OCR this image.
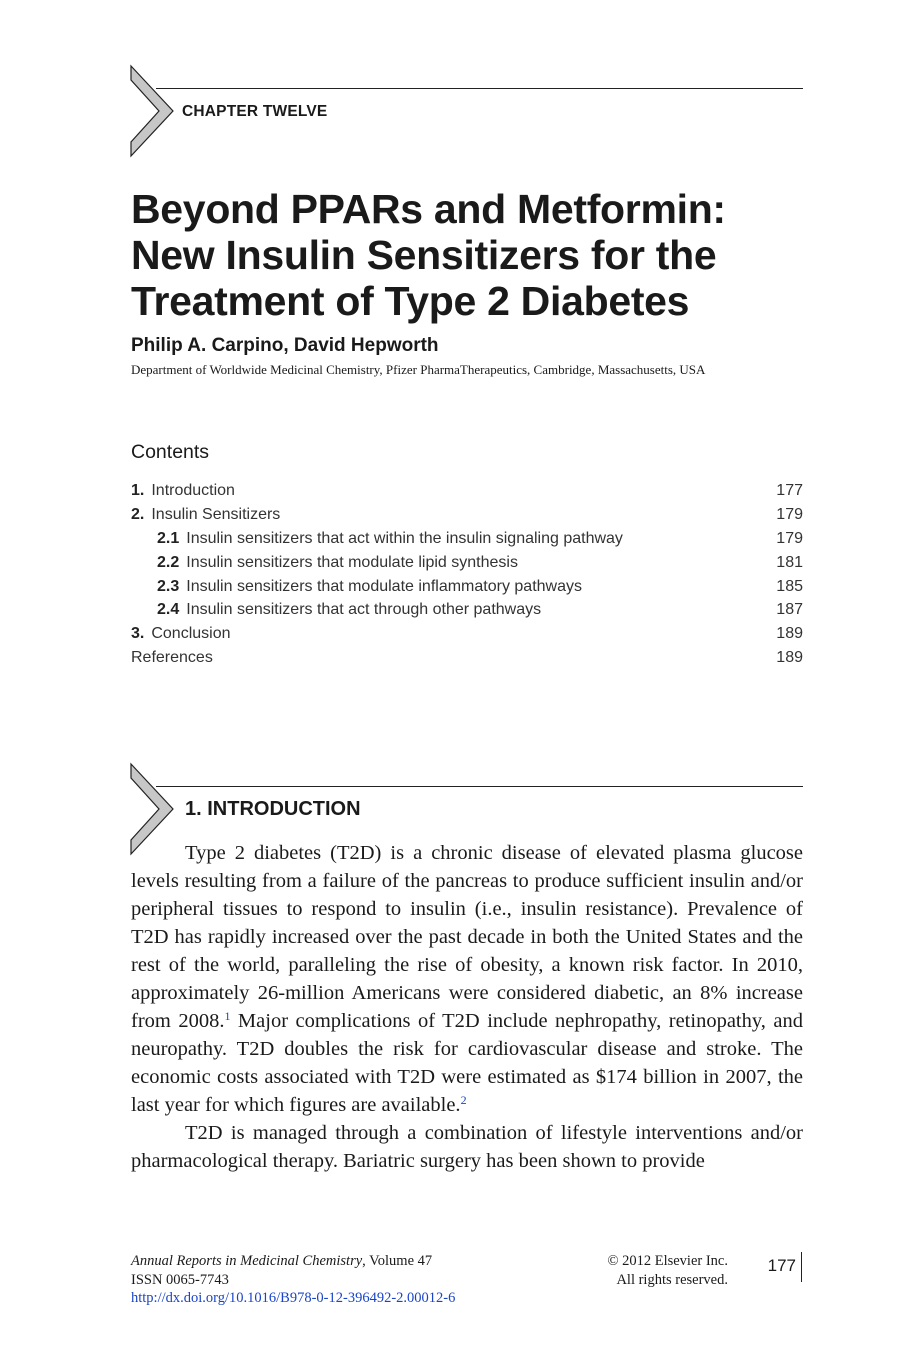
CHAPTER TWELVE
Beyond PPARs and Metformin:
New Insulin Sensitizers for the
Treatment of Type 2 Diabetes
Philip A. Carpino, David Hepworth
Department of Worldwide Medicinal Chemistry, Pfizer PharmaTherapeutics, Cambridge, Massachusetts, USA
Contents
1. Introduction	177
2. Insulin Sensitizers	179
2.1 Insulin sensitizers that act within the insulin signaling pathway	179
2.2 Insulin sensitizers that modulate lipid synthesis	181
2.3 Insulin sensitizers that modulate inflammatory pathways	185
2.4 Insulin sensitizers that act through other pathways	187
3. Conclusion	189
References	189
1. INTRODUCTION

Type 2 diabetes (T2D) is a chronic disease of elevated plasma glucose levels resulting from a failure of the pancreas to produce sufficient insulin and/or peripheral tissues to respond to insulin (i.e., insulin resistance). Prevalence of T2D has rapidly increased over the past decade in both the United States and the rest of the world, paralleling the rise of obesity, a known risk factor. In 2010, approximately 26-million Americans were considered diabetic, an 8% increase from 2008.$^1$ Major complications of T2D include nephropathy, retinopathy, and neuropathy. T2D doubles the risk for cardiovascular disease and stroke. The economic costs associated with T2D were estimated as $174 billion in 2007, the last year for which figures are available.$^2$

T2D is managed through a combination of lifestyle interventions and/or pharmacological therapy. Bariatric surgery has been shown to provide

Annual Reports in Medicinal Chemistry, Volume 47
ISSN 0065-7743
http://dx.doi.org/10.1016/B978-0-12-396492-2.00012-6
© 2012 Elsevier Inc.
All rights reserved.
177
